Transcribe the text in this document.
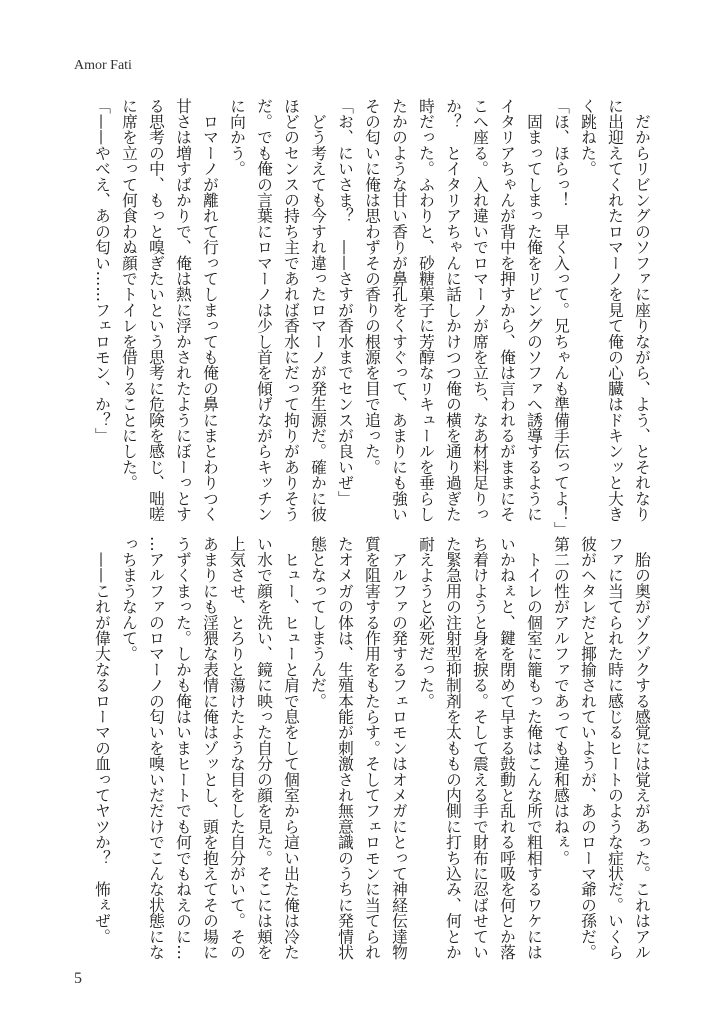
Amor Fati
　だからリビングのソファに座りながら、よう、とそれなり
に出迎えてくれたロマーノを見て俺の心臓はドキンッと大き
く跳ねた。
「ほ、ほらっ！　早く入って。兄ちゃんも準備手伝ってよ！」
　固まってしまった俺をリビングのソファへ誘導するように
イタリアちゃんが背中を押すから、俺は言われるがままにそ
こへ座る。入れ違いでロマーノが席を立ち、なあ材料足りっ
か？　とイタリアちゃんに話しかけつつ俺の横を通り過ぎた
時だった。ふわりと、砂糖菓子に芳醇なリキュールを垂らし
たかのような甘い香りが鼻孔をくすぐって、あまりにも強い
その匂いに俺は思わずその香りの根源を目で追った。
「お、にいさま？　——さすが香水までセンスが良いぜ」
　どう考えても今すれ違ったロマーノが発生源だ。確かに彼
ほどのセンスの持ち主であれば香水にだって拘りがありそう
だ。でも俺の言葉にロマーノは少し首を傾げながらキッチン
に向かう。
　ロマーノが離れて行ってしまっても俺の鼻にまとわりつく
甘さは増すばかりで、俺は熱に浮かされたようにぼーっとす
る思考の中、もっと嗅ぎたいという思考に危険を感じ、咄嗟
に席を立って何食わぬ顔でトイレを借りることにした。
「——やべえ、あの匂い……フェロモン、か？」
　胎の奥がゾクゾクする感覚には覚えがあった。これはアル
ファに当てられた時に感じるヒートのような症状だ。いくら
彼がヘタレだと揶揄されていようが、あのローマ爺の孫だ。
第二の性がアルファであっても違和感はねぇ。
　トイレの個室に籠もった俺はこんな所で粗相するワケには
いかねぇと、鍵を閉めて早まる鼓動と乱れる呼吸を何とか落
ち着けようと身を捩る。そして震える手で財布に忍ばせてい
た緊急用の注射型抑制剤を太ももの内側に打ち込み、何とか
耐えようと必死だった。
　アルファの発するフェロモンはオメガにとって神経伝達物
質を阻害する作用をもたらす。そしてフェロモンに当てられ
たオメガの体は、生殖本能が刺激され無意識のうちに発情状
態となってしまうんだ。
　ヒュー、ヒューと肩で息をして個室から這い出た俺は冷た
い水で顔を洗い、鏡に映った自分の顔を見た。そこには頬を
上気させ、とろりと蕩けたような目をした自分がいて。その
あまりにも淫猥な表情に俺はゾッとし、頭を抱えてその場に
うずくまった。しかも俺はいまヒートでも何でもねえのに…
…アルファのロマーノの匂いを嗅いだだけでこんな状態にな
っちまうなんて。
　——これが偉大なるローマの血ってヤツか？　怖ぇぜ。
5
